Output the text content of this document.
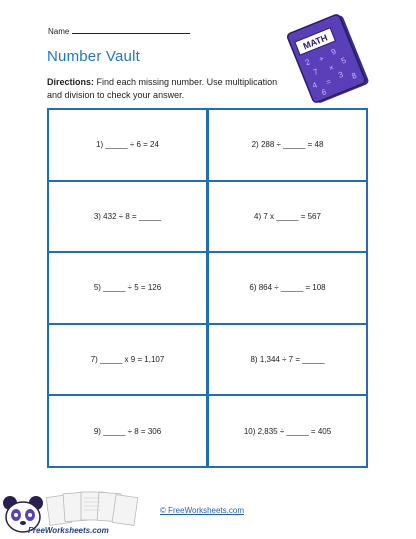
Name
Number Vault
Directions: Find each missing number. Use multiplication and division to check your answer.
MATH
2 +
9
7 ×
5
4 =
3 8
6
1) _____ ÷ 6 = 24	2) 288 ÷ _____ = 48
3) 432 ÷ 8 = _____	4) 7 x _____ = 567
5) _____ ÷ 5 = 126	6) 864 ÷ _____ = 108
7) _____ x 9 = 1,107	8) 1,344 ÷ 7 = _____
9) _____ ÷ 8 = 306	10) 2,835 ÷ _____ = 405
FreeWorksheets.com
© FreeWorksheets.com
